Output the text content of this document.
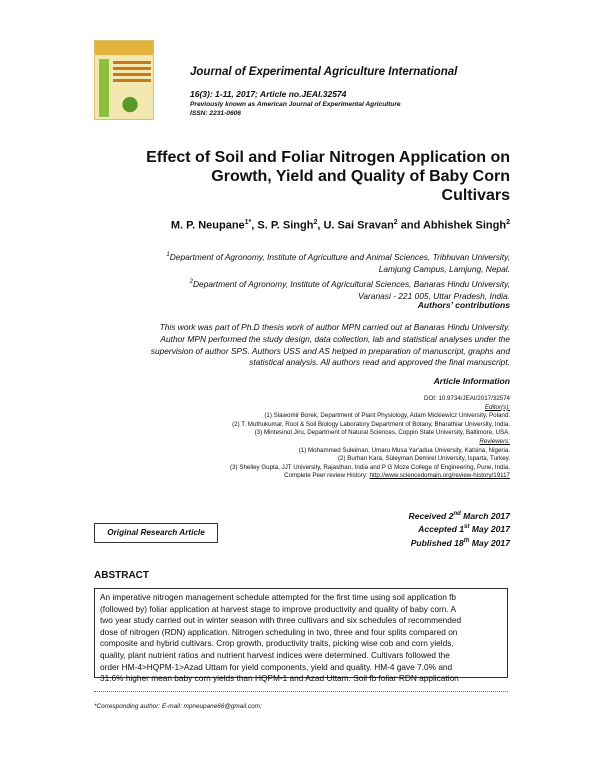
Journal of Experimental Agriculture International
16(3): 1-11, 2017; Article no.JEAI.32574
Previously known as American Journal of Experimental Agriculture
ISSN: 2231-0606
Effect of Soil and Foliar Nitrogen Application on
Growth, Yield and Quality of Baby Corn
Cultivars
M. P. Neupane$^{1*}$, S. P. Singh$^2$, U. Sai Sravan$^2$ and Abhishek Singh$^2$
$^1$Department of Agronomy, Institute of Agriculture and Animal Sciences, Tribhuvan University,
Lamjung Campus, Lamjung, Nepal.
$^2$Department of Agronomy, Institute of Agricultural Sciences, Banaras Hindu University,
Varanasi - 221 005, Uttar Pradesh, India.
Authors’ contributions
This work was part of Ph.D thesis work of author MPN carried out at Banaras Hindu University.
Author MPN performed the study design, data collection, lab and statistical analyses under the
supervision of author SPS. Authors USS and AS helped in preparation of manuscript, graphs and
statistical analysis. All authors read and approved the final manuscript.
Article Information
DOI: 10.9734/JEAI/2017/32574
Editor(s):
(1) Slawomir Borek, Department of Plant Physiology, Adam Mickiewicz University, Poland.
(2) T. Muthukumar, Root & Soil Biology Laboratory Department of Botany, Bharathiar University, India.
(3) Mintesinot Jiru, Department of Natural Sciences, Coppin State University, Baltimore, USA.
Reviewers:
(1) Mohammed Suleiman, Umaru Musa Yar'adua University, Katsina, Nigeria.
(2) Burhan Kara, Süleyman Demirel University, Isparta, Turkey.
(3) Shelley Gupta, JJT University, Rajasthan, India and P G Moze College of Engineering, Pune, India.
Complete Peer review History: http://www.sciencedomain.org/review-history/19117
Received 2nd March 2017
Accepted 1st May 2017
Published 18th May 2017
Original Research Article
ABSTRACT
An imperative nitrogen management schedule attempted for the first time using soil application fb
(followed by) foliar application at harvest stage to improve productivity and quality of baby corn. A
two year study carried out in winter season with three cultivars and six schedules of recommended
dose of nitrogen (RDN) application. Nitrogen scheduling in two, three and four splits compared on
composite and hybrid cultivars. Crop growth, productivity traits, picking wise cob and corn yields,
quality, plant nutrient ratios and nutrient harvest indices were determined. Cultivars followed the
order HM-4>HQPM-1>Azad Uttam for yield components, yield and quality. HM-4 gave 7.0% and
31.6% higher mean baby corn yields than HQPM-1 and Azad Uttam. Soil fb foliar RDN application
*Corresponding author: E-mail: mpneupane66@gmail.com;
